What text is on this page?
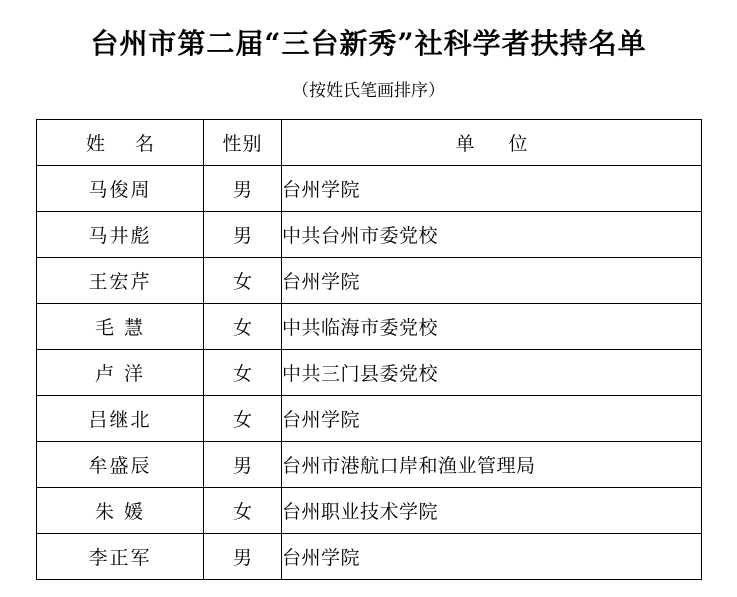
台州市第二届“三台新秀”社科学者扶持名单
（按姓氏笔画排序）
姓 名	性别	单 位
马俊周	男	台州学院
马井彪	男	中共台州市委党校
王宏芹	女	台州学院
毛 慧	女	中共临海市委党校
卢 洋	女	中共三门县委党校
吕继北	女	台州学院
牟盛辰	男	台州市港航口岸和渔业管理局
朱 媛	女	台州职业技术学院
李正军	男	台州学院
